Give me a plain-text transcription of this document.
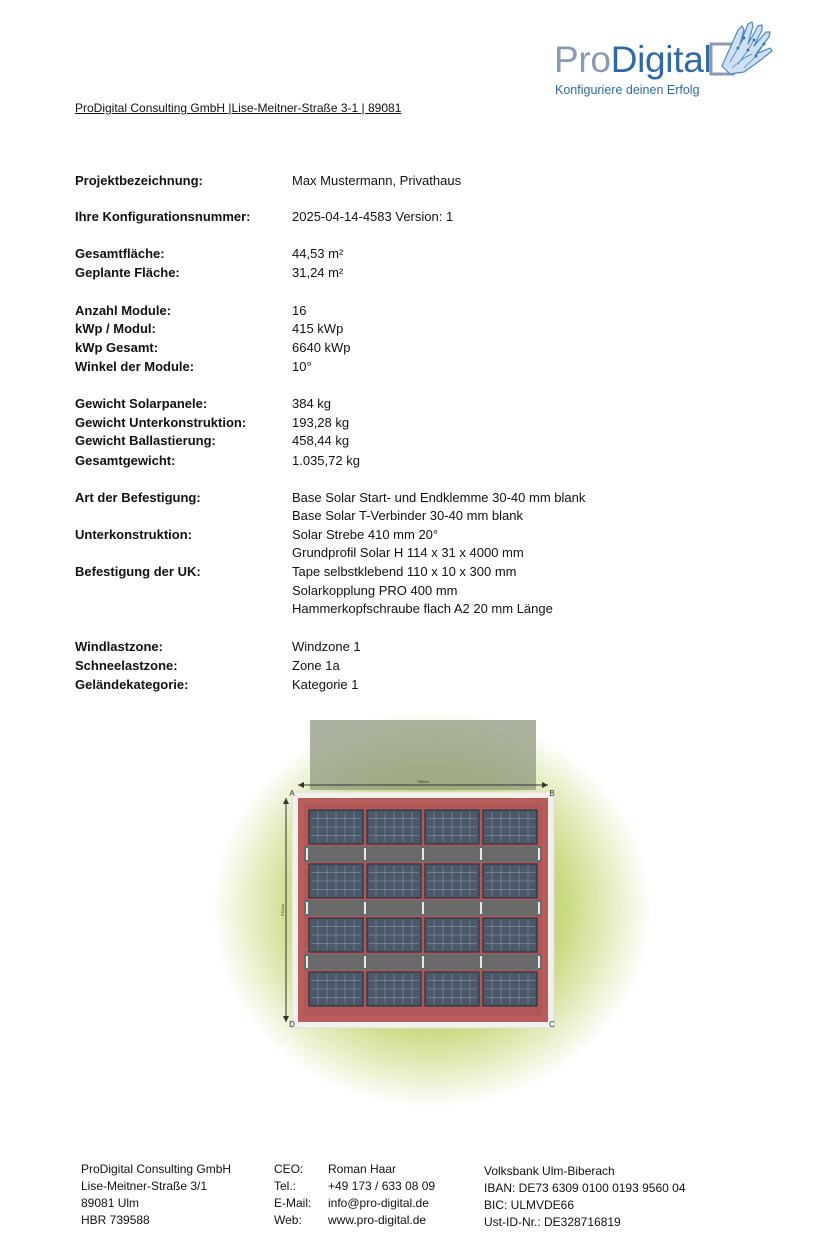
ProDigital
Konfiguriere deinen Erfolg
ProDigital Consulting GmbH |Lise-Meitner-Straße 3-1 | 89081
Projektbezeichnung:	Max Mustermann, Privathaus
Ihre Konfigurationsnummer:	2025-04-14-4583 Version: 1
Gesamtfläche:	44,53 m²
Geplante Fläche:	31,24 m²
Anzahl Module:	16
kWp / Modul:	415 kWp
kWp Gesamt:	6640 kWp
Winkel der Module:	10°
Gewicht Solarpanele:	384 kg
Gewicht Unterkonstruktion:	193,28 kg
Gewicht Ballastierung:	458,44 kg
Gesamtgewicht:	1.035,72 kg
Art der Befestigung:	Base Solar Start- und Endklemme 30-40 mm blank
Base Solar T-Verbinder 30-40 mm blank
Unterkonstruktion:	Solar Strebe 410 mm 20°
Grundprofil Solar H 114 x 31 x 4000 mm
Befestigung der UK:	Tape selbstklebend 110 x 10 x 300 mm
Solarkopplung PRO 400 mm
Hammerkopfschraube flach A2 20 mm Länge
Windlastzone:	Windzone 1
Schneelastzone:	Zone 1a
Geländekategorie:	Kategorie 1
780cm
570cm
A	B
C
D
ProDigital Consulting GmbH
Lise-Meitner-Straße 3/1
89081 Ulm
HBR 739588
CEO: Roman Haar
Tel.:	+49 173 / 633 08 09
E-Mail: info@pro-digital.de
Web: www.pro-digital.de
Volksbank Ulm-Biberach
IBAN: DE73 6309 0100 0193 9560 04
BIC: ULMVDE66
Ust-ID-Nr.: DE328716819
